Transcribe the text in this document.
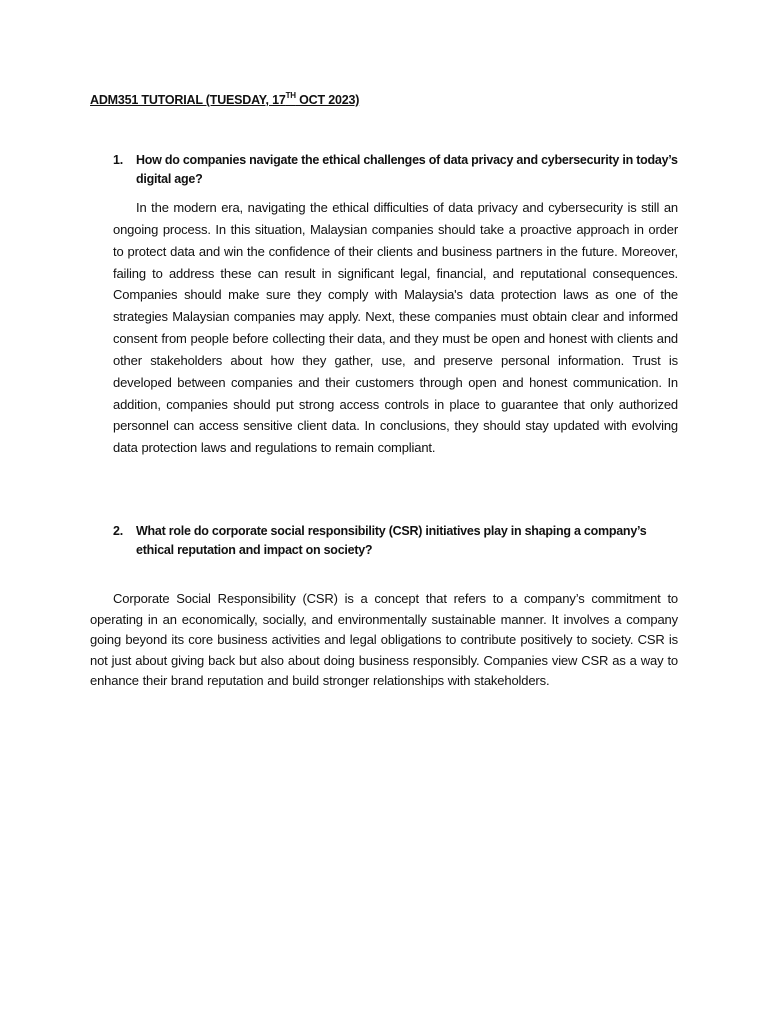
ADM351 TUTORIAL (TUESDAY, 17TH OCT 2023)
1.	How do companies navigate the ethical challenges of data privacy and cybersecurity in today’s digital age?
In the modern era, navigating the ethical difficulties of data privacy and cybersecurity is still an ongoing process. In this situation, Malaysian companies should take a proactive approach in order to protect data and win the confidence of their clients and business partners in the future. Moreover, failing to address these can result in significant legal, financial, and reputational consequences. Companies should make sure they comply with Malaysia's data protection laws as one of the strategies Malaysian companies may apply. Next, these companies must obtain clear and informed consent from people before collecting their data, and they must be open and honest with clients and other stakeholders about how they gather, use, and preserve personal information. Trust is developed between companies and their customers through open and honest communication. In addition, companies should put strong access controls in place to guarantee that only authorized personnel can access sensitive client data. In conclusions, they should stay updated with evolving data protection laws and regulations to remain compliant.
2.	What role do corporate social responsibility (CSR) initiatives play in shaping a company’s ethical reputation and impact on society?
Corporate Social Responsibility (CSR) is a concept that refers to a company’s commitment to operating in an economically, socially, and environmentally sustainable manner. It involves a company going beyond its core business activities and legal obligations to contribute positively to society. CSR is not just about giving back but also about doing business responsibly. Companies view CSR as a way to enhance their brand reputation and build stronger relationships with stakeholders.
